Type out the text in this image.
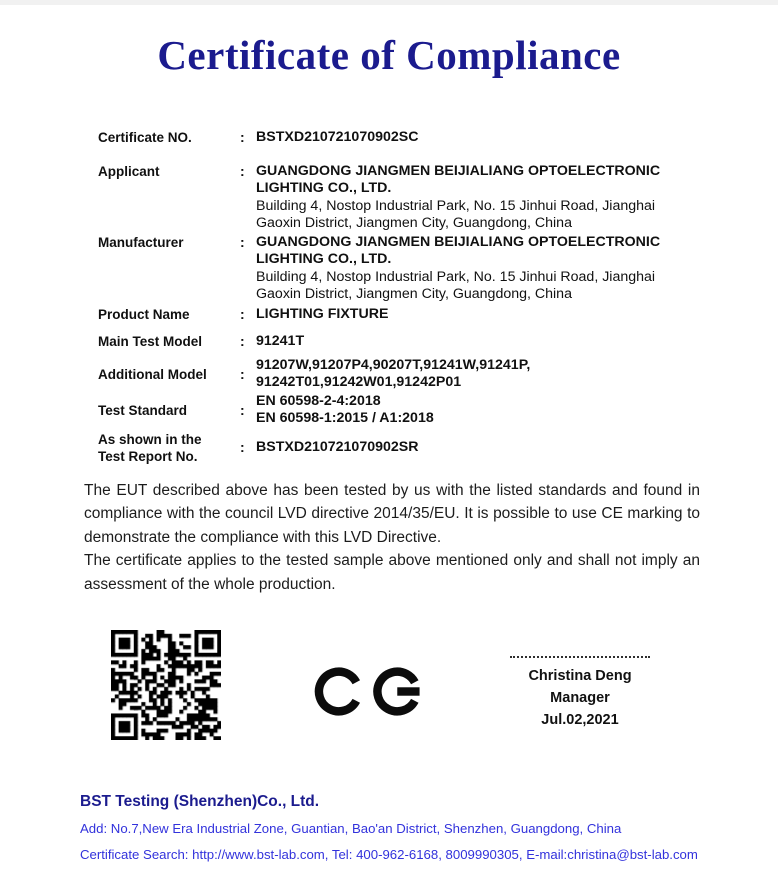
Certificate of Compliance
Certificate NO.	: BSTXD210721070902SC
Applicant	: GUANGDONG JIANGMEN BEIJIALIANG OPTOELECTRONIC
LIGHTING CO., LTD.
Building 4, Nostop Industrial Park, No. 15 Jinhui Road, Jianghai
Gaoxin District, Jiangmen City, Guangdong, China
Manufacturer	: GUANGDONG JIANGMEN BEIJIALIANG OPTOELECTRONIC
LIGHTING CO., LTD.
Building 4, Nostop Industrial Park, No. 15 Jinhui Road, Jianghai
Gaoxin District, Jiangmen City, Guangdong, China
Product Name	: LIGHTING FIXTURE
Main Test Model	: 91241T
Additional Model	:
91207W,91207P4,90207T,91241W,91241P,
91242T01,91242W01,91242P01
Test Standard	:
EN 60598-2-4:2018
EN 60598-1:2015 / A1:2018
As shown in the
Test Report No.
: BSTXD210721070902SR

The EUT described above has been tested by us with the listed standards and found in compliance with the council LVD directive 2014/35/EU. It is possible to use CE marking to demonstrate the compliance with this LVD Directive.

The certificate applies to the tested sample above mentioned only and shall not imply an assessment of the whole production.

Christina Deng
Manager
Jul.02,2021
BST Testing (Shenzhen)Co., Ltd.
Add: No.7,New Era Industrial Zone, Guantian, Bao'an District, Shenzhen, Guangdong, China
Certificate Search: http://www.bst-lab.com, Tel: 400-962-6168, 8009990305, E-mail:christina@bst-lab.com
